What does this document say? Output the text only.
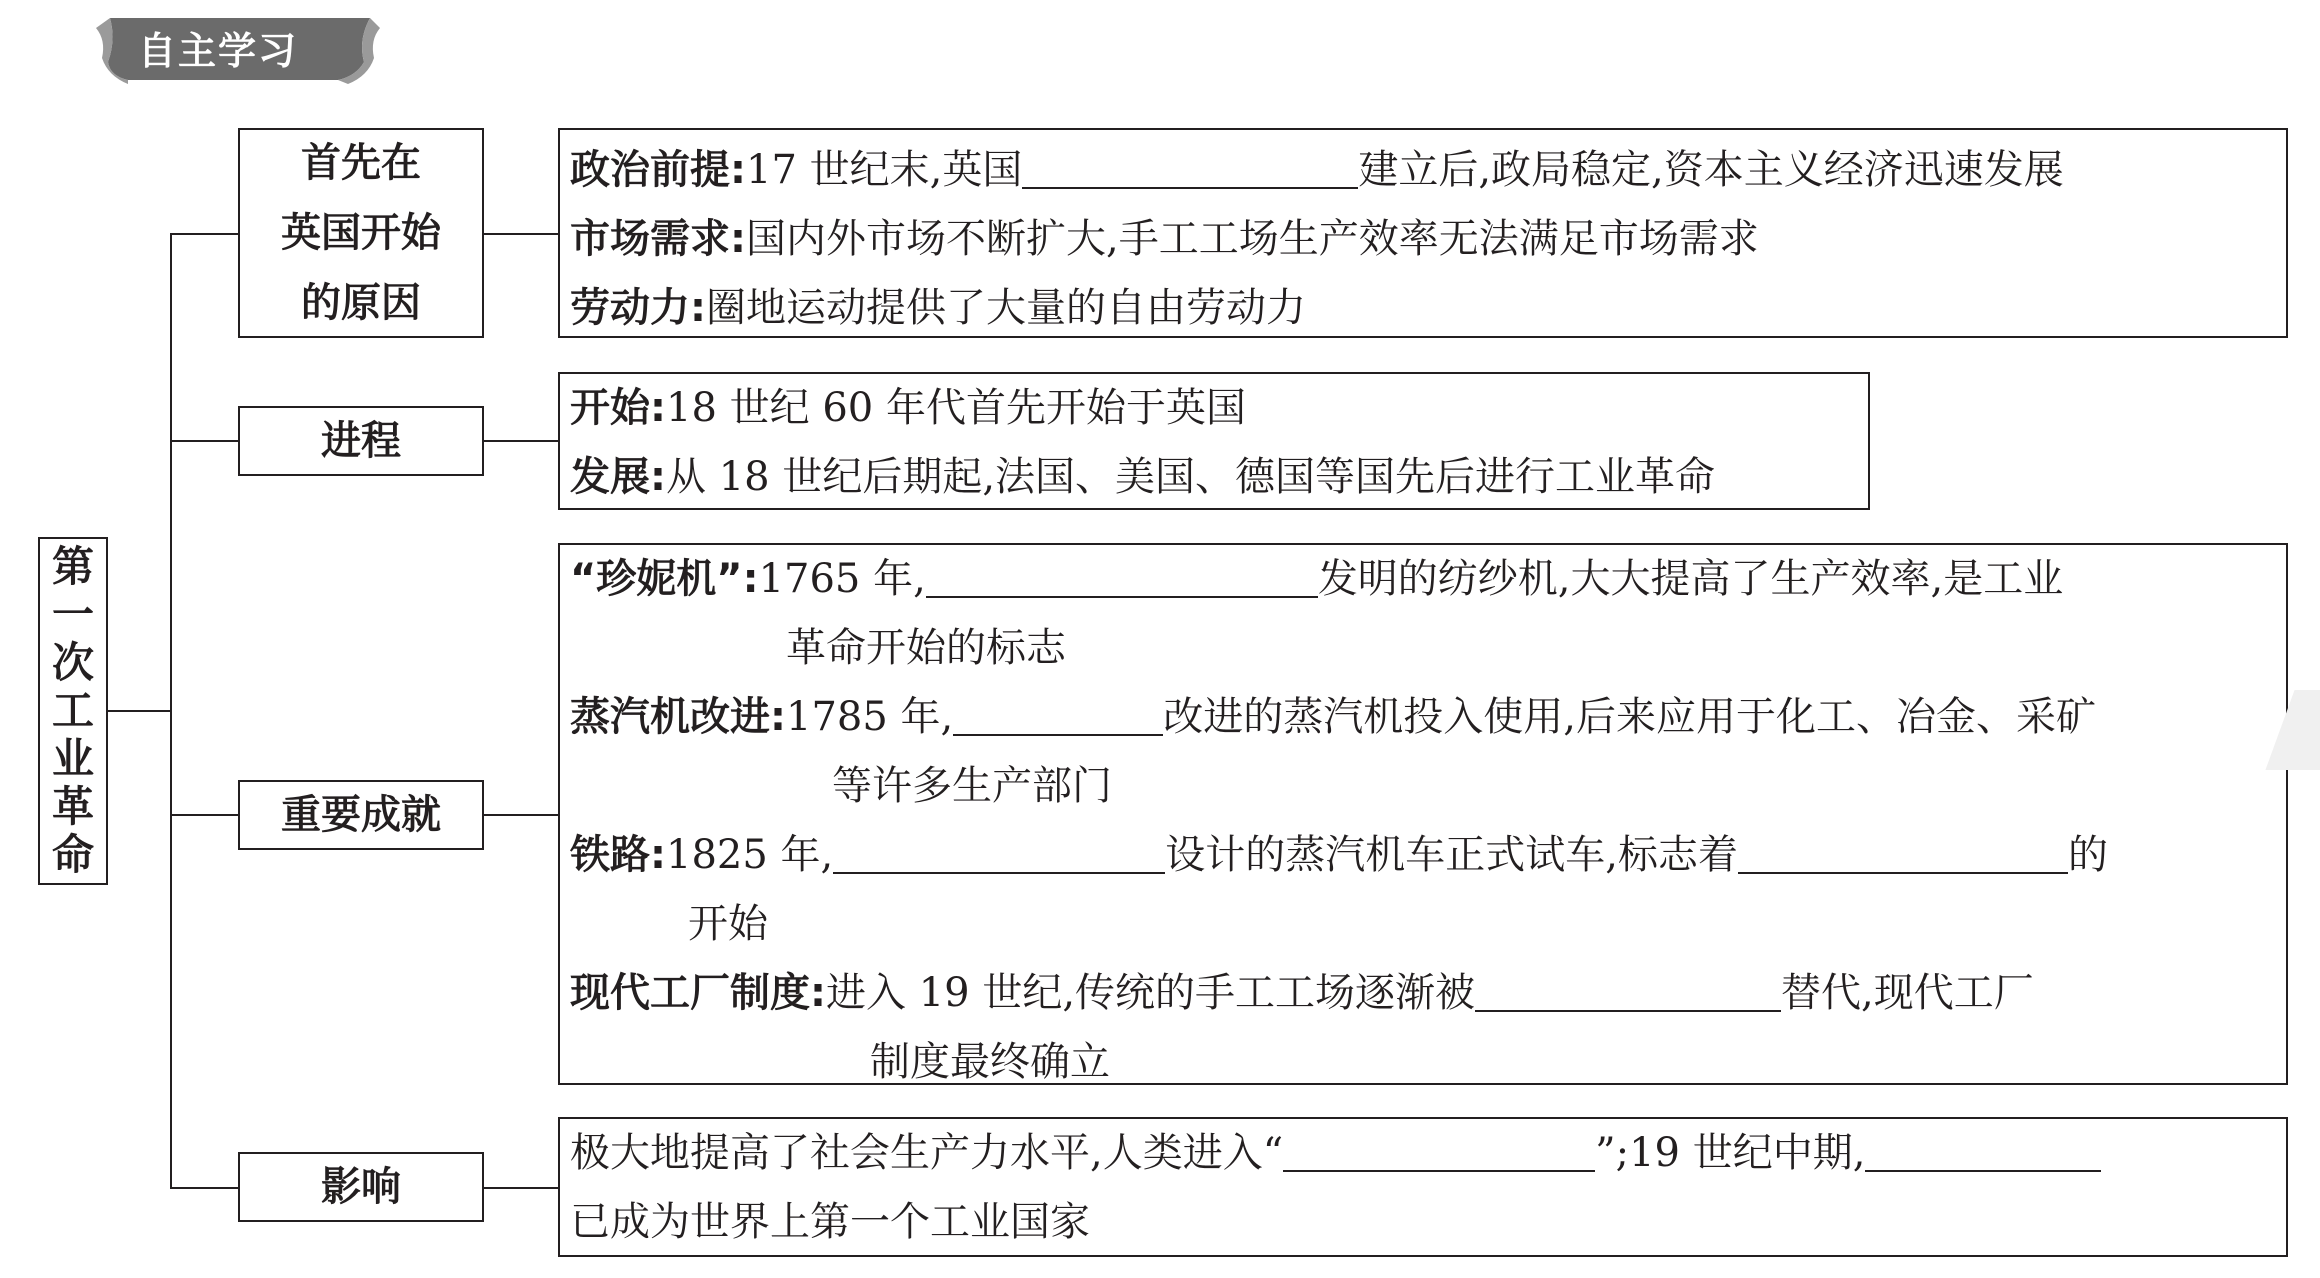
自主学习
第
一
次
工
业
革
命
首先在
英国开始
的原因
进程
重要成就
影响
政治前提:17 世纪末,英国	建立后,政局稳定,资本主义经济迅速发展
市场需求:国内外市场不断扩大,手工工场生产效率无法满足市场需求
劳动力:圈地运动提供了大量的自由劳动力
开始:18 世纪 60 年代首先开始于英国
发展:从 18 世纪后期起,法国、美国、德国等国先后进行工业革命
“珍妮机”:1765 年,	发明的纺纱机,大大提高了生产效率,是工业
革命开始的标志
蒸汽机改进:1785 年,	改进的蒸汽机投入使用,后来应用于化工、冶金、采矿
等许多生产部门
铁路:1825 年,	设计的蒸汽机车正式试车,标志着	的
开始
现代工厂制度:进入 19 世纪,传统的手工工场逐渐被	替代,现代工厂
制度最终确立
极大地提高了社会生产力水平,人类进入“	”;19 世纪中期,
已成为世界上第一个工业国家
